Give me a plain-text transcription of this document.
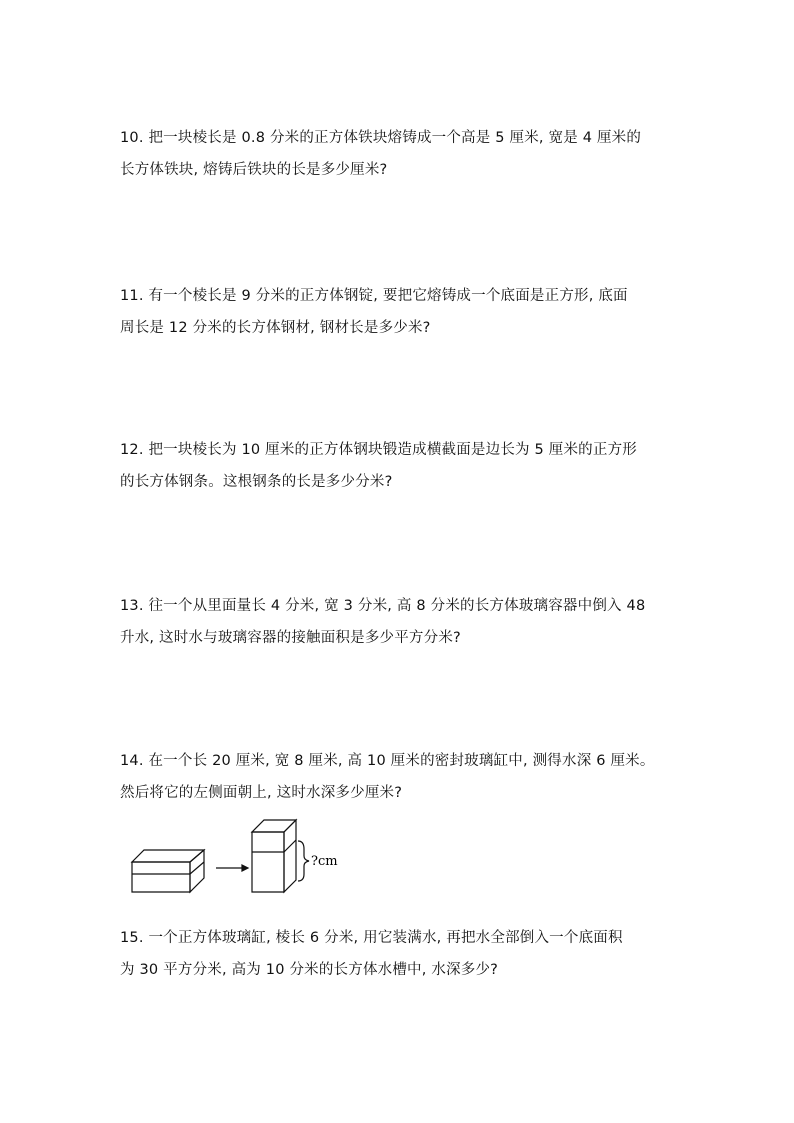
10. 把一块棱长是 0.8 分米的正方体铁块熔铸成一个高是 5 厘米, 宽是 4 厘米的

长方体铁块, 熔铸后铁块的长是多少厘米?

11. 有一个棱长是 9 分米的正方体钢锭, 要把它熔铸成一个底面是正方形, 底面

周长是 12 分米的长方体钢材, 钢材长是多少米?

12. 把一块棱长为 10 厘米的正方体钢块锻造成横截面是边长为 5 厘米的正方形

的长方体钢条。这根钢条的长是多少分米?

13. 往一个从里面量长 4 分米, 宽 3 分米, 高 8 分米的长方体玻璃容器中倒入 48

升水, 这时水与玻璃容器的接触面积是多少平方分米?

14. 在一个长 20 厘米, 宽 8 厘米, 高 10 厘米的密封玻璃缸中, 测得水深 6 厘米。

然后将它的左侧面朝上, 这时水深多少厘米?

?cm

15. 一个正方体玻璃缸, 棱长 6 分米, 用它装满水, 再把水全部倒入一个底面积

为 30 平方分米, 高为 10 分米的长方体水槽中, 水深多少?
